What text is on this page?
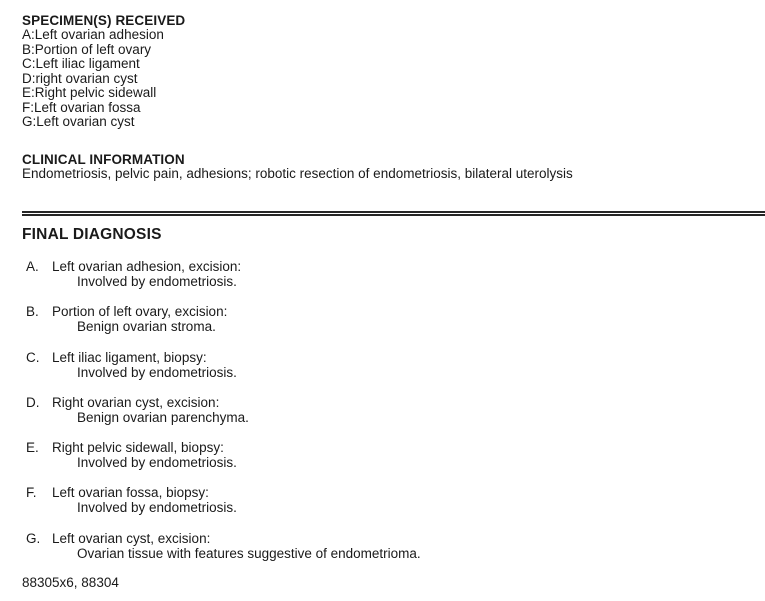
SPECIMEN(S) RECEIVED
A:Left ovarian adhesion
B:Portion of left ovary
C:Left iliac ligament
D:right ovarian cyst
E:Right pelvic sidewall
F:Left ovarian fossa
G:Left ovarian cyst
CLINICAL INFORMATION
Endometriosis, pelvic pain, adhesions; robotic resection of endometriosis, bilateral uterolysis
FINAL DIAGNOSIS
A. Left ovarian adhesion, excision:
Involved by endometriosis.
B. Portion of left ovary, excision:
Benign ovarian stroma.
C. Left iliac ligament, biopsy:
Involved by endometriosis.
D. Right ovarian cyst, excision:
Benign ovarian parenchyma.
E. Right pelvic sidewall, biopsy:
Involved by endometriosis.
F.	Left ovarian fossa, biopsy:
Involved by endometriosis.
G. Left ovarian cyst, excision:
Ovarian tissue with features suggestive of endometrioma.
88305x6, 88304
